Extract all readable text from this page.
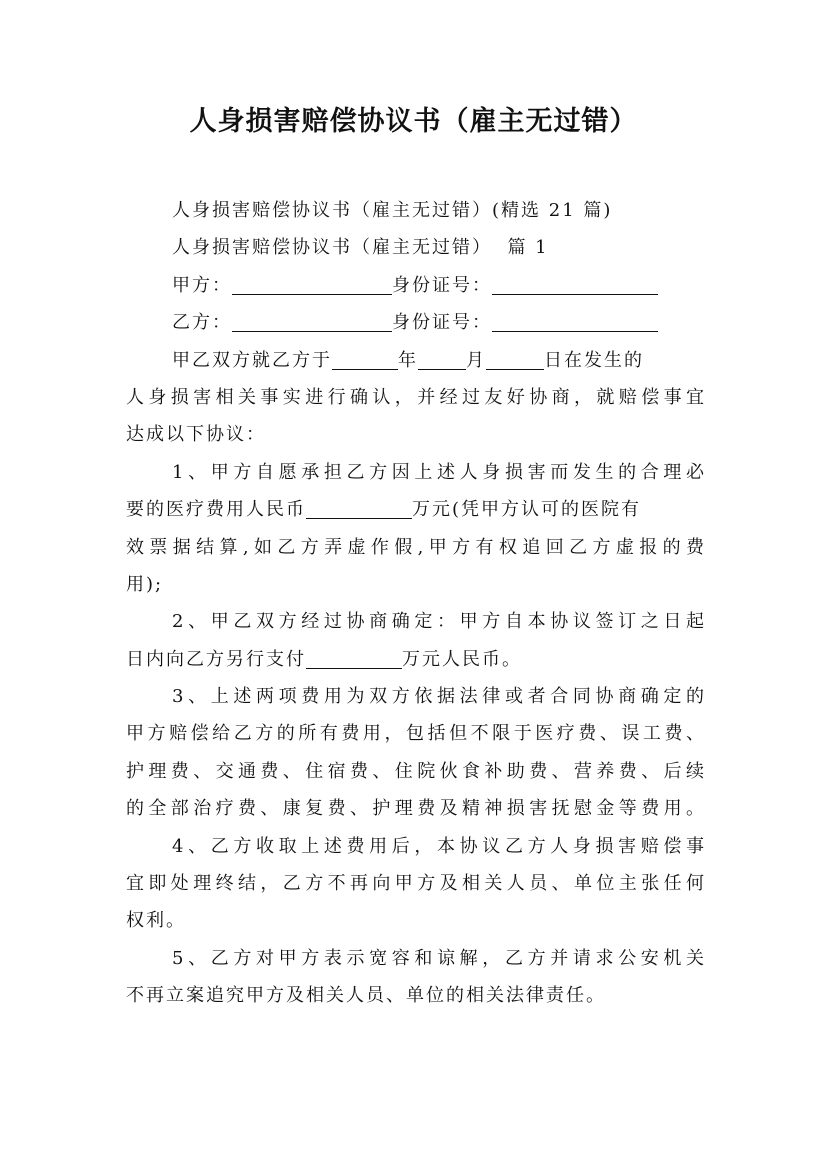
人身损害赔偿协议书（雇主无过错）
人身损害赔偿协议书（雇主无过错）(精选 21 篇)
人身损害赔偿协议书（雇主无过错）  篇 1
甲方：	身份证号：
乙方：	身份证号：
甲乙双方就乙方于	年	月	日在发生的
人身损害相关事实进行确认，并经过友好协商，就赔偿事宜
达成以下协议：
1、甲方自愿承担乙方因上述人身损害而发生的合理必
要的医疗费用人民币	万元(凭甲方认可的医院有
效票据结算,如乙方弄虚作假,甲方有权追回乙方虚报的费
用);
2、甲乙双方经过协商确定：甲方自本协议签订之日起
日内向乙方另行支付	万元人民币。
3、上述两项费用为双方依据法律或者合同协商确定的
甲方赔偿给乙方的所有费用，包括但不限于医疗费、误工费、
护理费、交通费、住宿费、住院伙食补助费、营养费、后续
的全部治疗费、康复费、护理费及精神损害抚慰金等费用。
4、乙方收取上述费用后，本协议乙方人身损害赔偿事
宜即处理终结，乙方不再向甲方及相关人员、单位主张任何
权利。
5、乙方对甲方表示宽容和谅解，乙方并请求公安机关
不再立案追究甲方及相关人员、单位的相关法律责任。
